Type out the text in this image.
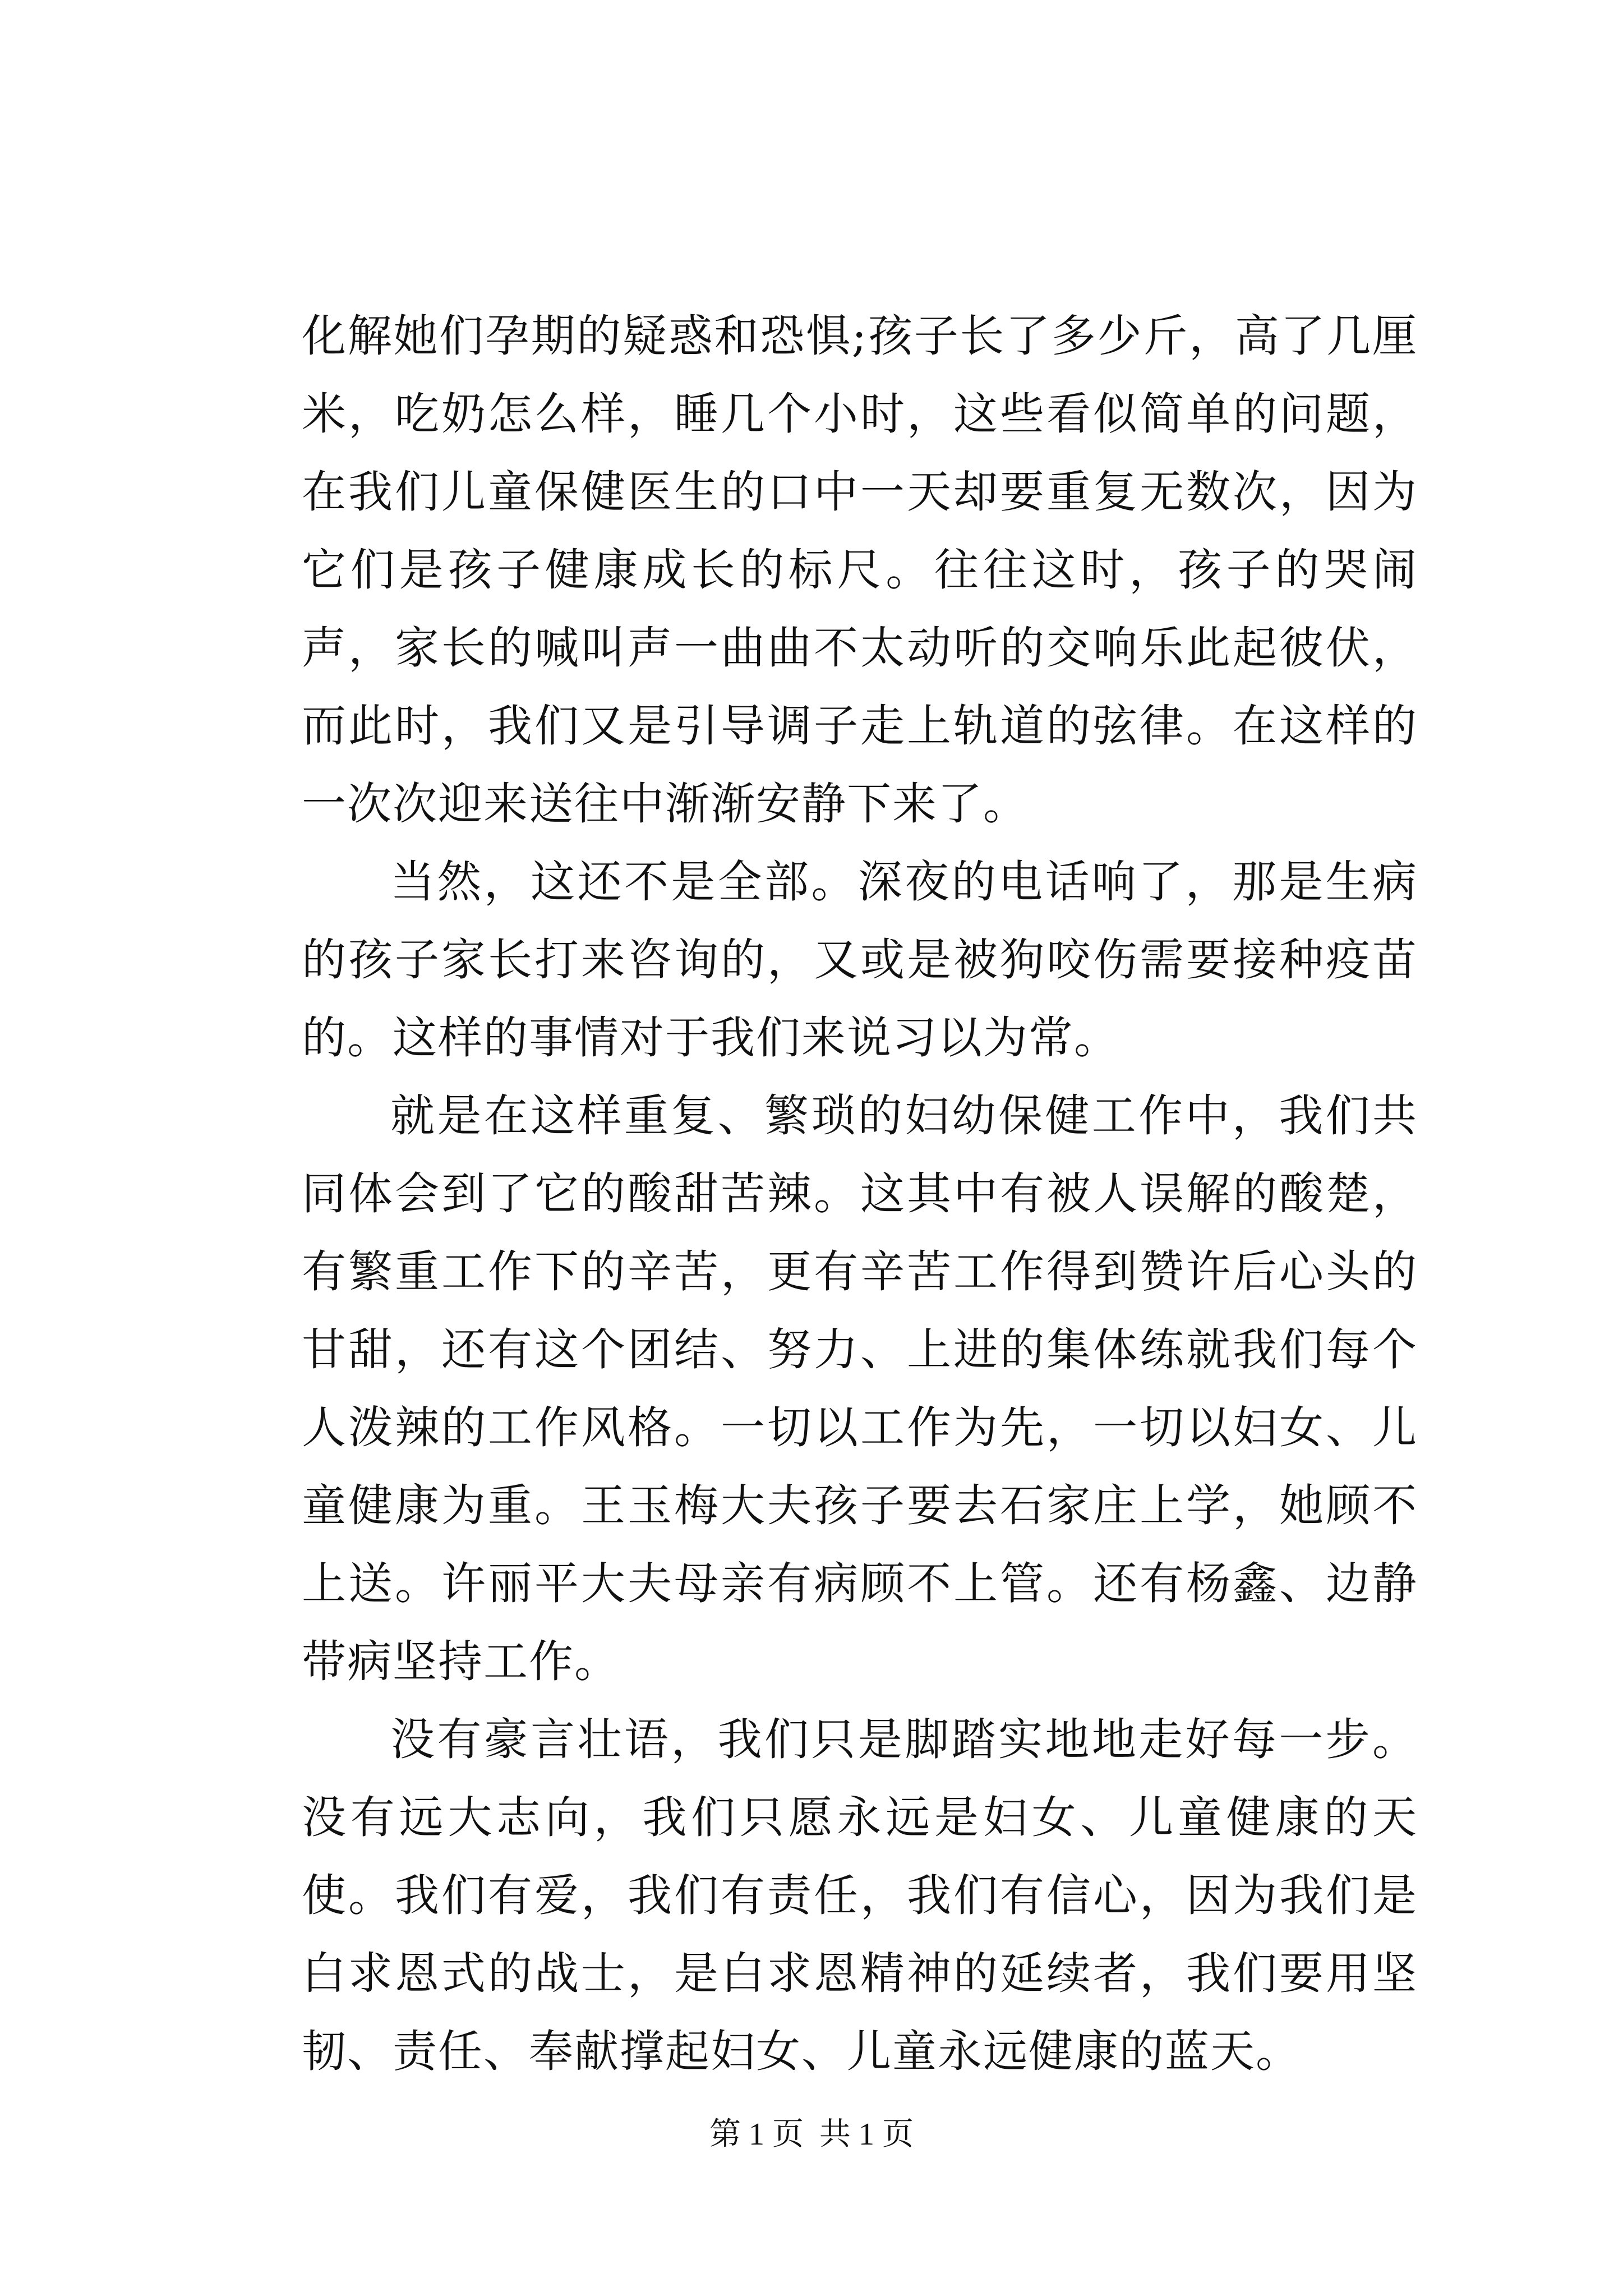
化解她们孕期的疑惑和恐惧;孩子长了多少斤，高了几厘米，吃奶怎么样，睡几个小时，这些看似简单的问题，在我们儿童保健医生的口中一天却要重复无数次，因为它们是孩子健康成长的标尺。往往这时，孩子的哭闹声，家长的喊叫声一曲曲不太动听的交响乐此起彼伏，而此时，我们又是引导调子走上轨道的弦律。在这样的一次次迎来送往中渐渐安静下来了。

当然，这还不是全部。深夜的电话响了，那是生病的孩子家长打来咨询的，又或是被狗咬伤需要接种疫苗的。这样的事情对于我们来说习以为常。

就是在这样重复、繁琐的妇幼保健工作中，我们共同体会到了它的酸甜苦辣。这其中有被人误解的酸楚，有繁重工作下的辛苦，更有辛苦工作得到赞许后心头的甘甜，还有这个团结、努力、上进的集体练就我们每个人泼辣的工作风格。一切以工作为先，一切以妇女、儿童健康为重。王玉梅大夫孩子要去石家庄上学，她顾不上送。许丽平大夫母亲有病顾不上管。还有杨鑫、边静带病坚持工作。

没有豪言壮语，我们只是脚踏实地地走好每一步。没有远大志向，我们只愿永远是妇女、儿童健康的天使。我们有爱，我们有责任，我们有信心，因为我们是白求恩式的战士，是白求恩精神的延续者，我们要用坚韧、责任、奉献撑起妇女、儿童永远健康的蓝天。

第 1 页  共 1 页
